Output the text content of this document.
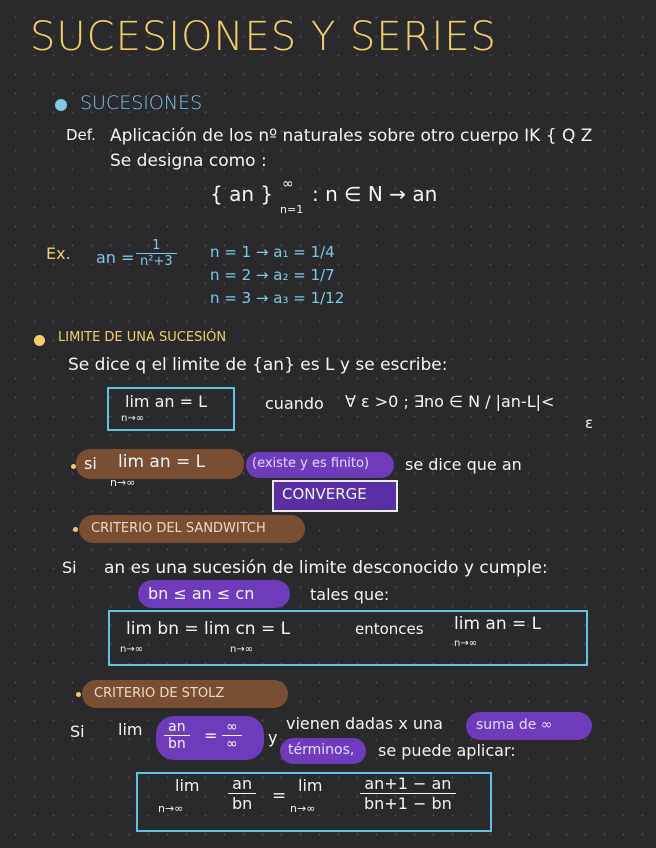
SUCESIONES Y SERIES
SUCESIONES
Def. Aplicación de los nº naturales sobre otro cuerpo IK { Q Z
Se designa como :
{ an } ∞
n=1
: n ∈ N → an
Ex. an = $\frac{1}{\text{n²+3}}$ n = 1 → a₁ = 1/4
n = 2 → a₂ = 1/7
n = 3 → a₃ = 1/12
LIMITE DE UNA SUCESIÓN
Se dice q el limite de {an} es L y se escribe:
lim an = L
n→∞
cuando ∀ ε >0 ; ∃no ∈ N / |an-L|<
ε
si lim an = L
n→∞
(existe y es finito) se dice que an
CONVERGE
CRITERIO DEL SANDWITCH
Si an es una sucesión de limite desconocido y cumple:
bn ≤ an ≤ cn	tales que:
lim bn = lim cn = L
n→∞	n→∞
entonces lim an = L
n→∞
CRITERIO DE STOLZ
Si $\lim \frac{an}{bn} = \frac{\infty}{\infty}$ y
vienen dadas x una suma de ∞
términos, se puede aplicar:
lim
n→∞	$\frac{an}{bn}$ =
lim
n→∞	$\frac{an+1 - an}{bn+1 - bn}$
